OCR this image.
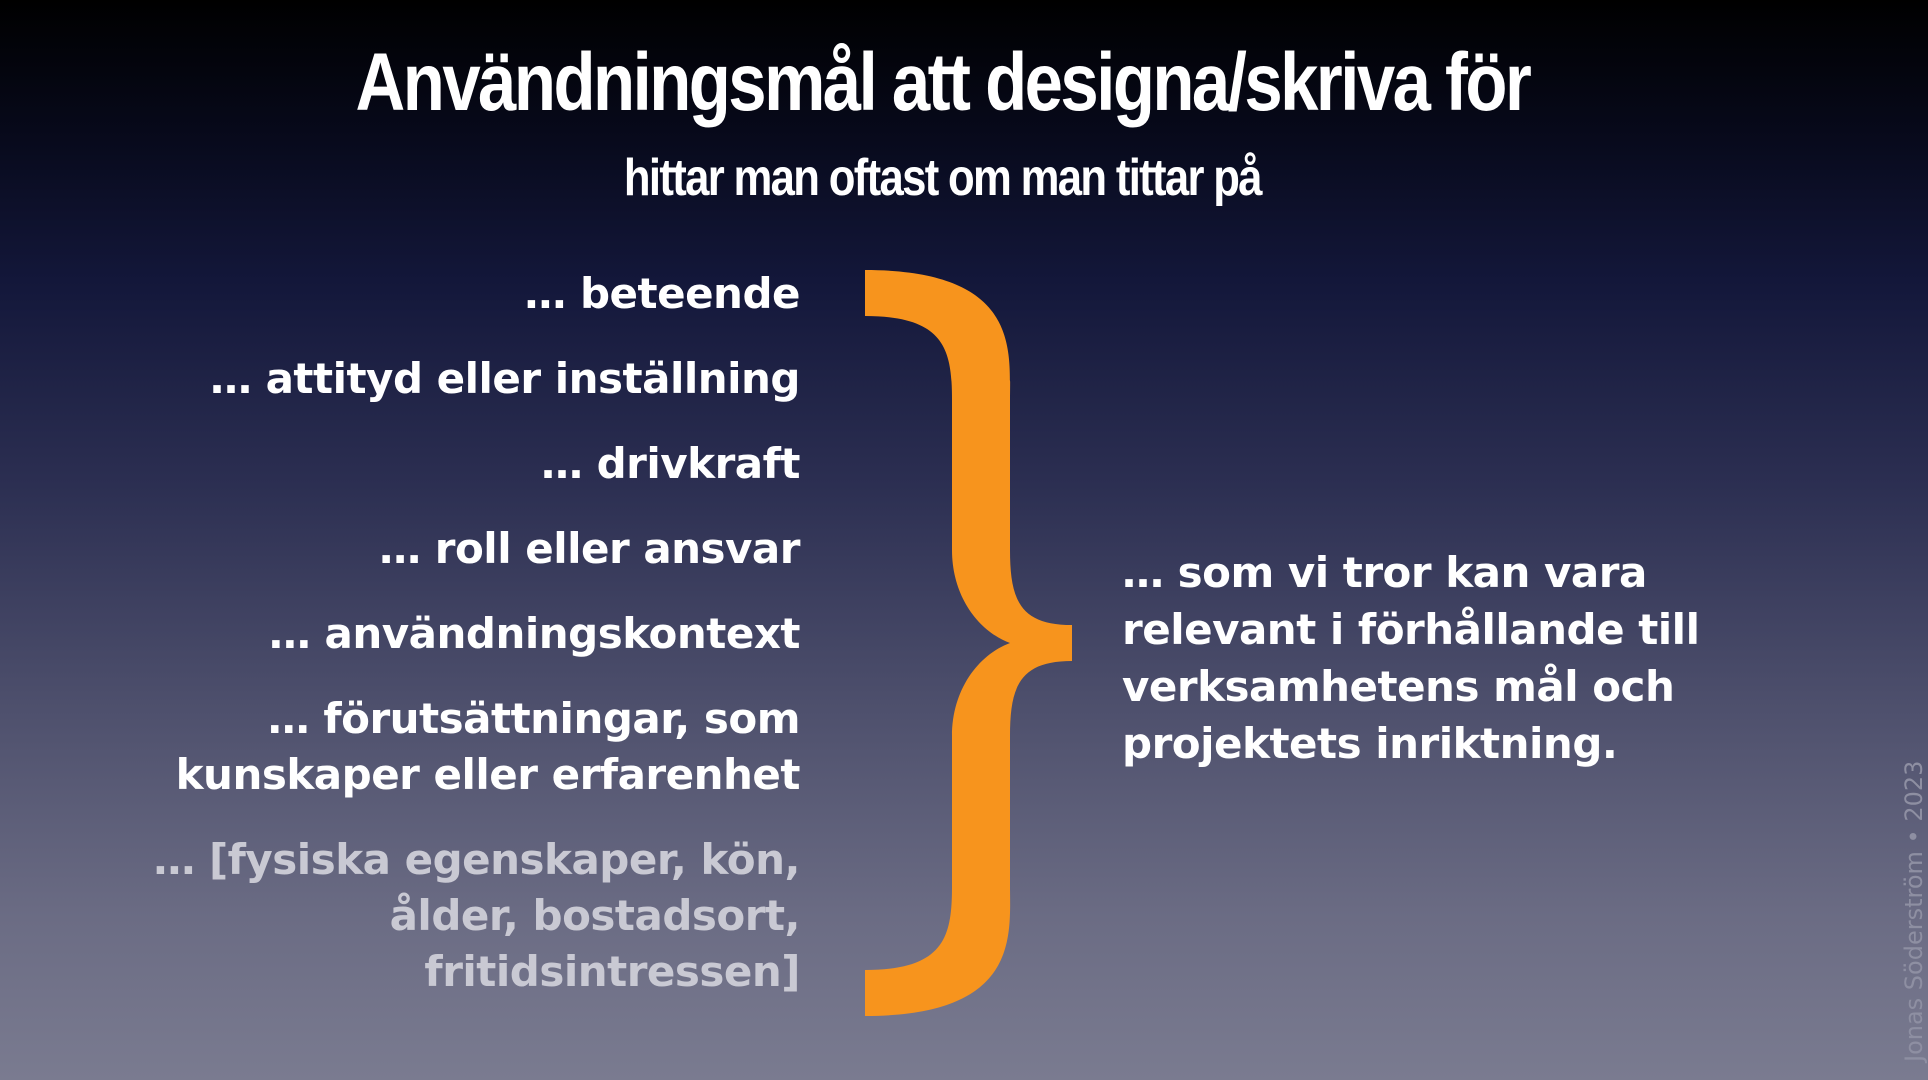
Användningsmål att designa/skriva för
hittar man oftast om man tittar på

… beteende

… attityd eller inställning

… drivkraft

… roll eller ansvar

… användningskontext

… förutsättningar, som
kunskaper eller erfarenhet

… [fysiska egenskaper, kön,
ålder, bostadsort,
fritidsintressen]

… som vi tror kan vara
relevant i förhållande till
verksamhetens mål och
projektets inriktning.

Jonas Söderström • 2023
